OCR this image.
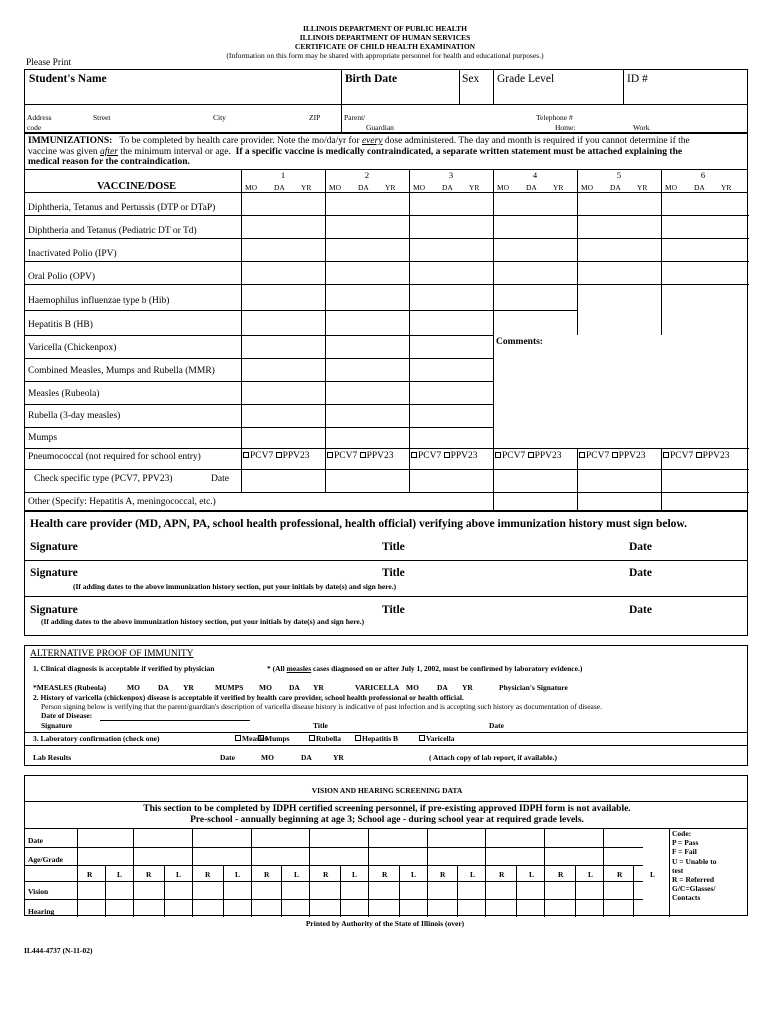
ILLINOIS DEPARTMENT OF PUBLIC HEALTH
ILLINOIS DEPARTMENT OF HUMAN SERVICES
CERTIFICATE OF CHILD HEALTH EXAMINATION
(Information on this form may be shared with appropriate personnel for health and educational purposes.)
Please Print
Student's Name	Birth Date	Sex Grade Level	ID #
Address
code
Street	City	ZIP	Parent/
Guardian
Telephone #
Home:	Work
IMMUNIZATIONS: To be completed by health care provider. Note the mo/da/yr for every dose administered. The day and month is required if you cannot determine if the
vaccine was given after the minimum interval or age. If a specific vaccine is medically contraindicated, a separate written statement must be attached explaining the
medical reason for the contraindication.
1	2	3	4	5	6
VACCINE/DOSE	MO DA YR MO DA YR MO DA YR MO DA YR MO DA YR MO DA YR
Diphtheria, Tetanus and Pertussis (DTP or DTaP)
Diphtheria and Tetanus (Pediatric DT or Td)
Inactivated Polio (IPV)
Oral Polio (OPV)
Haemophilus influenzae type b (Hib)
Hepatitis B (HB)
Varicella (Chickenpox)
Combined Measles, Mumps and Rubella (MMR)
Measles (Rubeola)
Rubella (3-day measles)
Mumps
Comments:
Pneumococcal (not required for school entry)	PCV7 PPV23	PCV7 PPV23	PCV7 PPV23	PCV7 PPV23	PCV7 PPV23	PCV7 PPV23
Check specific type (PCV7, PPV23)	Date
Other (Specify: Hepatitis A, meningococcal, etc.)
Health care provider (MD, APN, PA, school health professional, health official) verifying above immunization history must sign below.
Signature	Title	Date
Signature	Title	Date
(If adding dates to the above immunization history section, put your initials by date(s) and sign here.)
Signature	Title	Date
(If adding dates to the above immunization history section, put your initials by date(s) and sign here.)
ALTERNATIVE PROOF OF IMMUNITY
1. Clinical diagnosis is acceptable if verified by physician	* (All measles cases diagnosed on or after July 1, 2002, must be confirmed by laboratory evidence.)
*MEASLES (Rubeola)	MO DA YR	MUMPS MO DA YR	VARICELLA MO DA YR	Physician's Signature
2. History of varicella (chickenpox) disease is acceptable if verified by health care provider, school health professional or health official.
Person signing below is verifying that the parent/guardian's description of varicella disease history is indicative of past infection and is accepting such history as documentation of disease.
Date of Disease:
Signature	Title	Date
3. Laboratory confirmation (check one)	Measles
Mumps	Rubella	Hepatitis B	Varicella
Lab Results	Date	MO	DA	YR	( Attach copy of lab report, if available.)
VISION AND HEARING SCREENING DATA
This section to be completed by IDPH certified screening personnel, if pre-existing approved IDPH form is not available.
Pre-school - annually beginning at age 3; School age - during school year at required grade levels.
Date
Age/Grade
Vision
Hearing
R	L	R	L	R	L	R	L	R	L	R	L	R	L	R	L	R	L	R	L
Code:
P = Pass
F = Fail
U = Unable to
test
R = Referred
G/C=Glasses/
Contacts
Printed by Authority of the State of Illinois (over)
IL444-4737 (N-11-02)
